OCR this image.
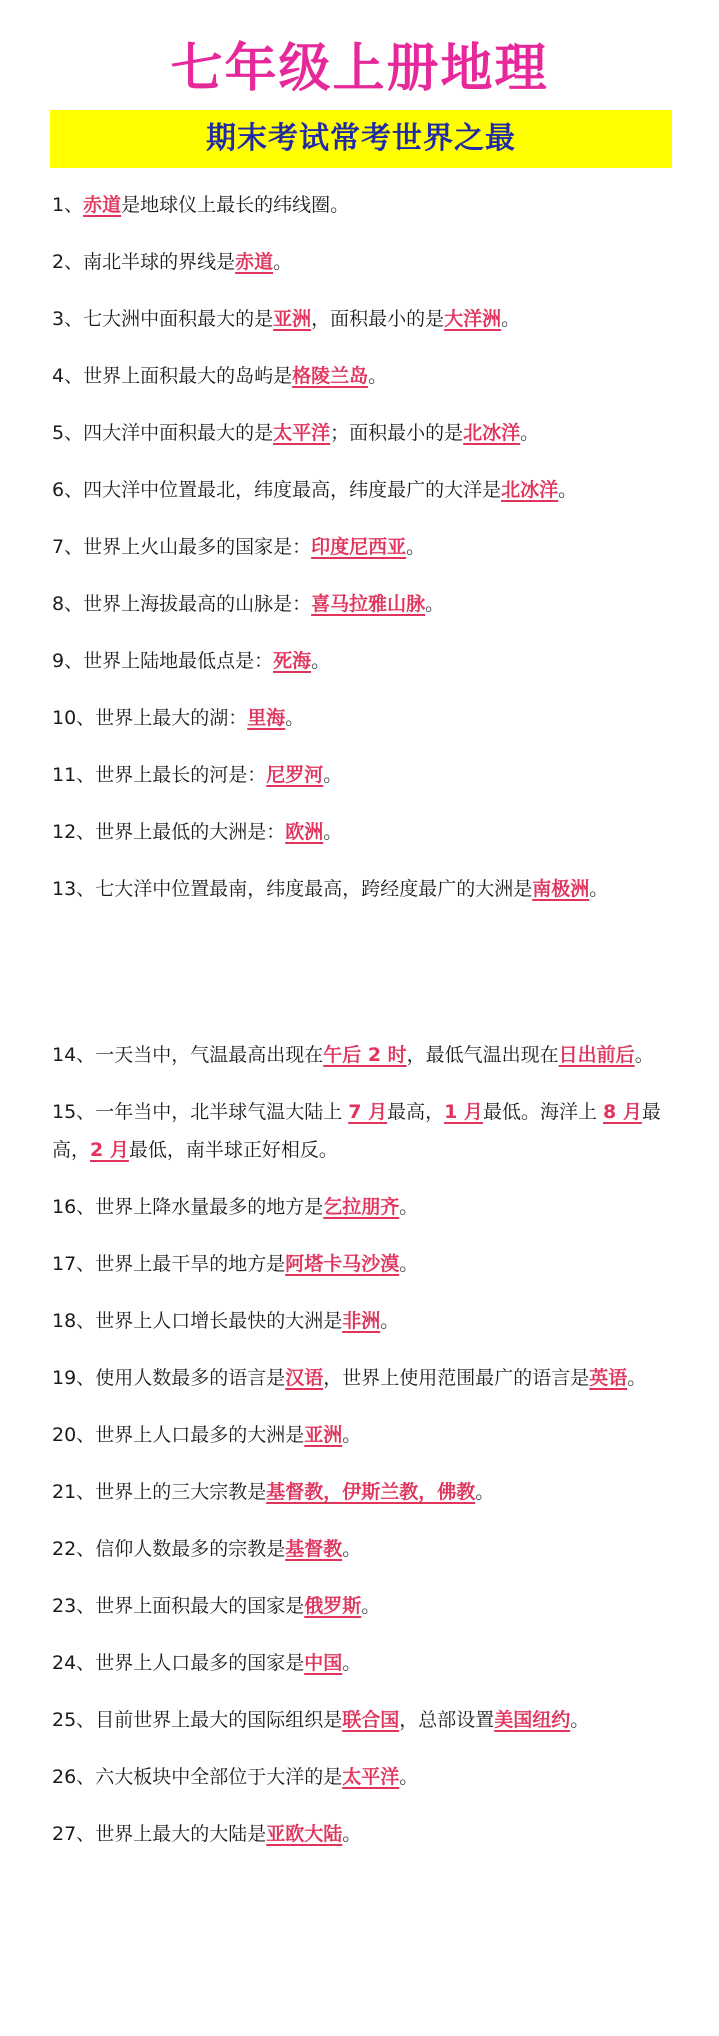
七年级上册地理
期末考试常考世界之最
1、赤道是地球仪上最长的纬线圈。
2、南北半球的界线是赤道。
3、七大洲中面积最大的是亚洲，面积最小的是大洋洲。
4、世界上面积最大的岛屿是格陵兰岛。
5、四大洋中面积最大的是太平洋；面积最小的是北冰洋。
6、四大洋中位置最北，纬度最高，纬度最广的大洋是北冰洋。
7、世界上火山最多的国家是：印度尼西亚。
8、世界上海拔最高的山脉是：喜马拉雅山脉。
9、世界上陆地最低点是：死海。
10、世界上最大的湖：里海。
11、世界上最长的河是：尼罗河。
12、世界上最低的大洲是：欧洲。
13、七大洋中位置最南，纬度最高，跨经度最广的大洲是南极洲。
14、一天当中，气温最高出现在午后 2 时，最低气温出现在日出前后。
15、一年当中，北半球气温大陆上 7 月最高，1 月最低。海洋上 8 月最高，2 月最低，南半球正好相反。
16、世界上降水量最多的地方是乞拉朋齐。
17、世界上最干旱的地方是阿塔卡马沙漠。
18、世界上人口增长最快的大洲是非洲。
19、使用人数最多的语言是汉语，世界上使用范围最广的语言是英语。
20、世界上人口最多的大洲是亚洲。
21、世界上的三大宗教是基督教，伊斯兰教，佛教。
22、信仰人数最多的宗教是基督教。
23、世界上面积最大的国家是俄罗斯。
24、世界上人口最多的国家是中国。
25、目前世界上最大的国际组织是联合国，总部设置美国纽约。
26、六大板块中全部位于大洋的是太平洋。
27、世界上最大的大陆是亚欧大陆。
